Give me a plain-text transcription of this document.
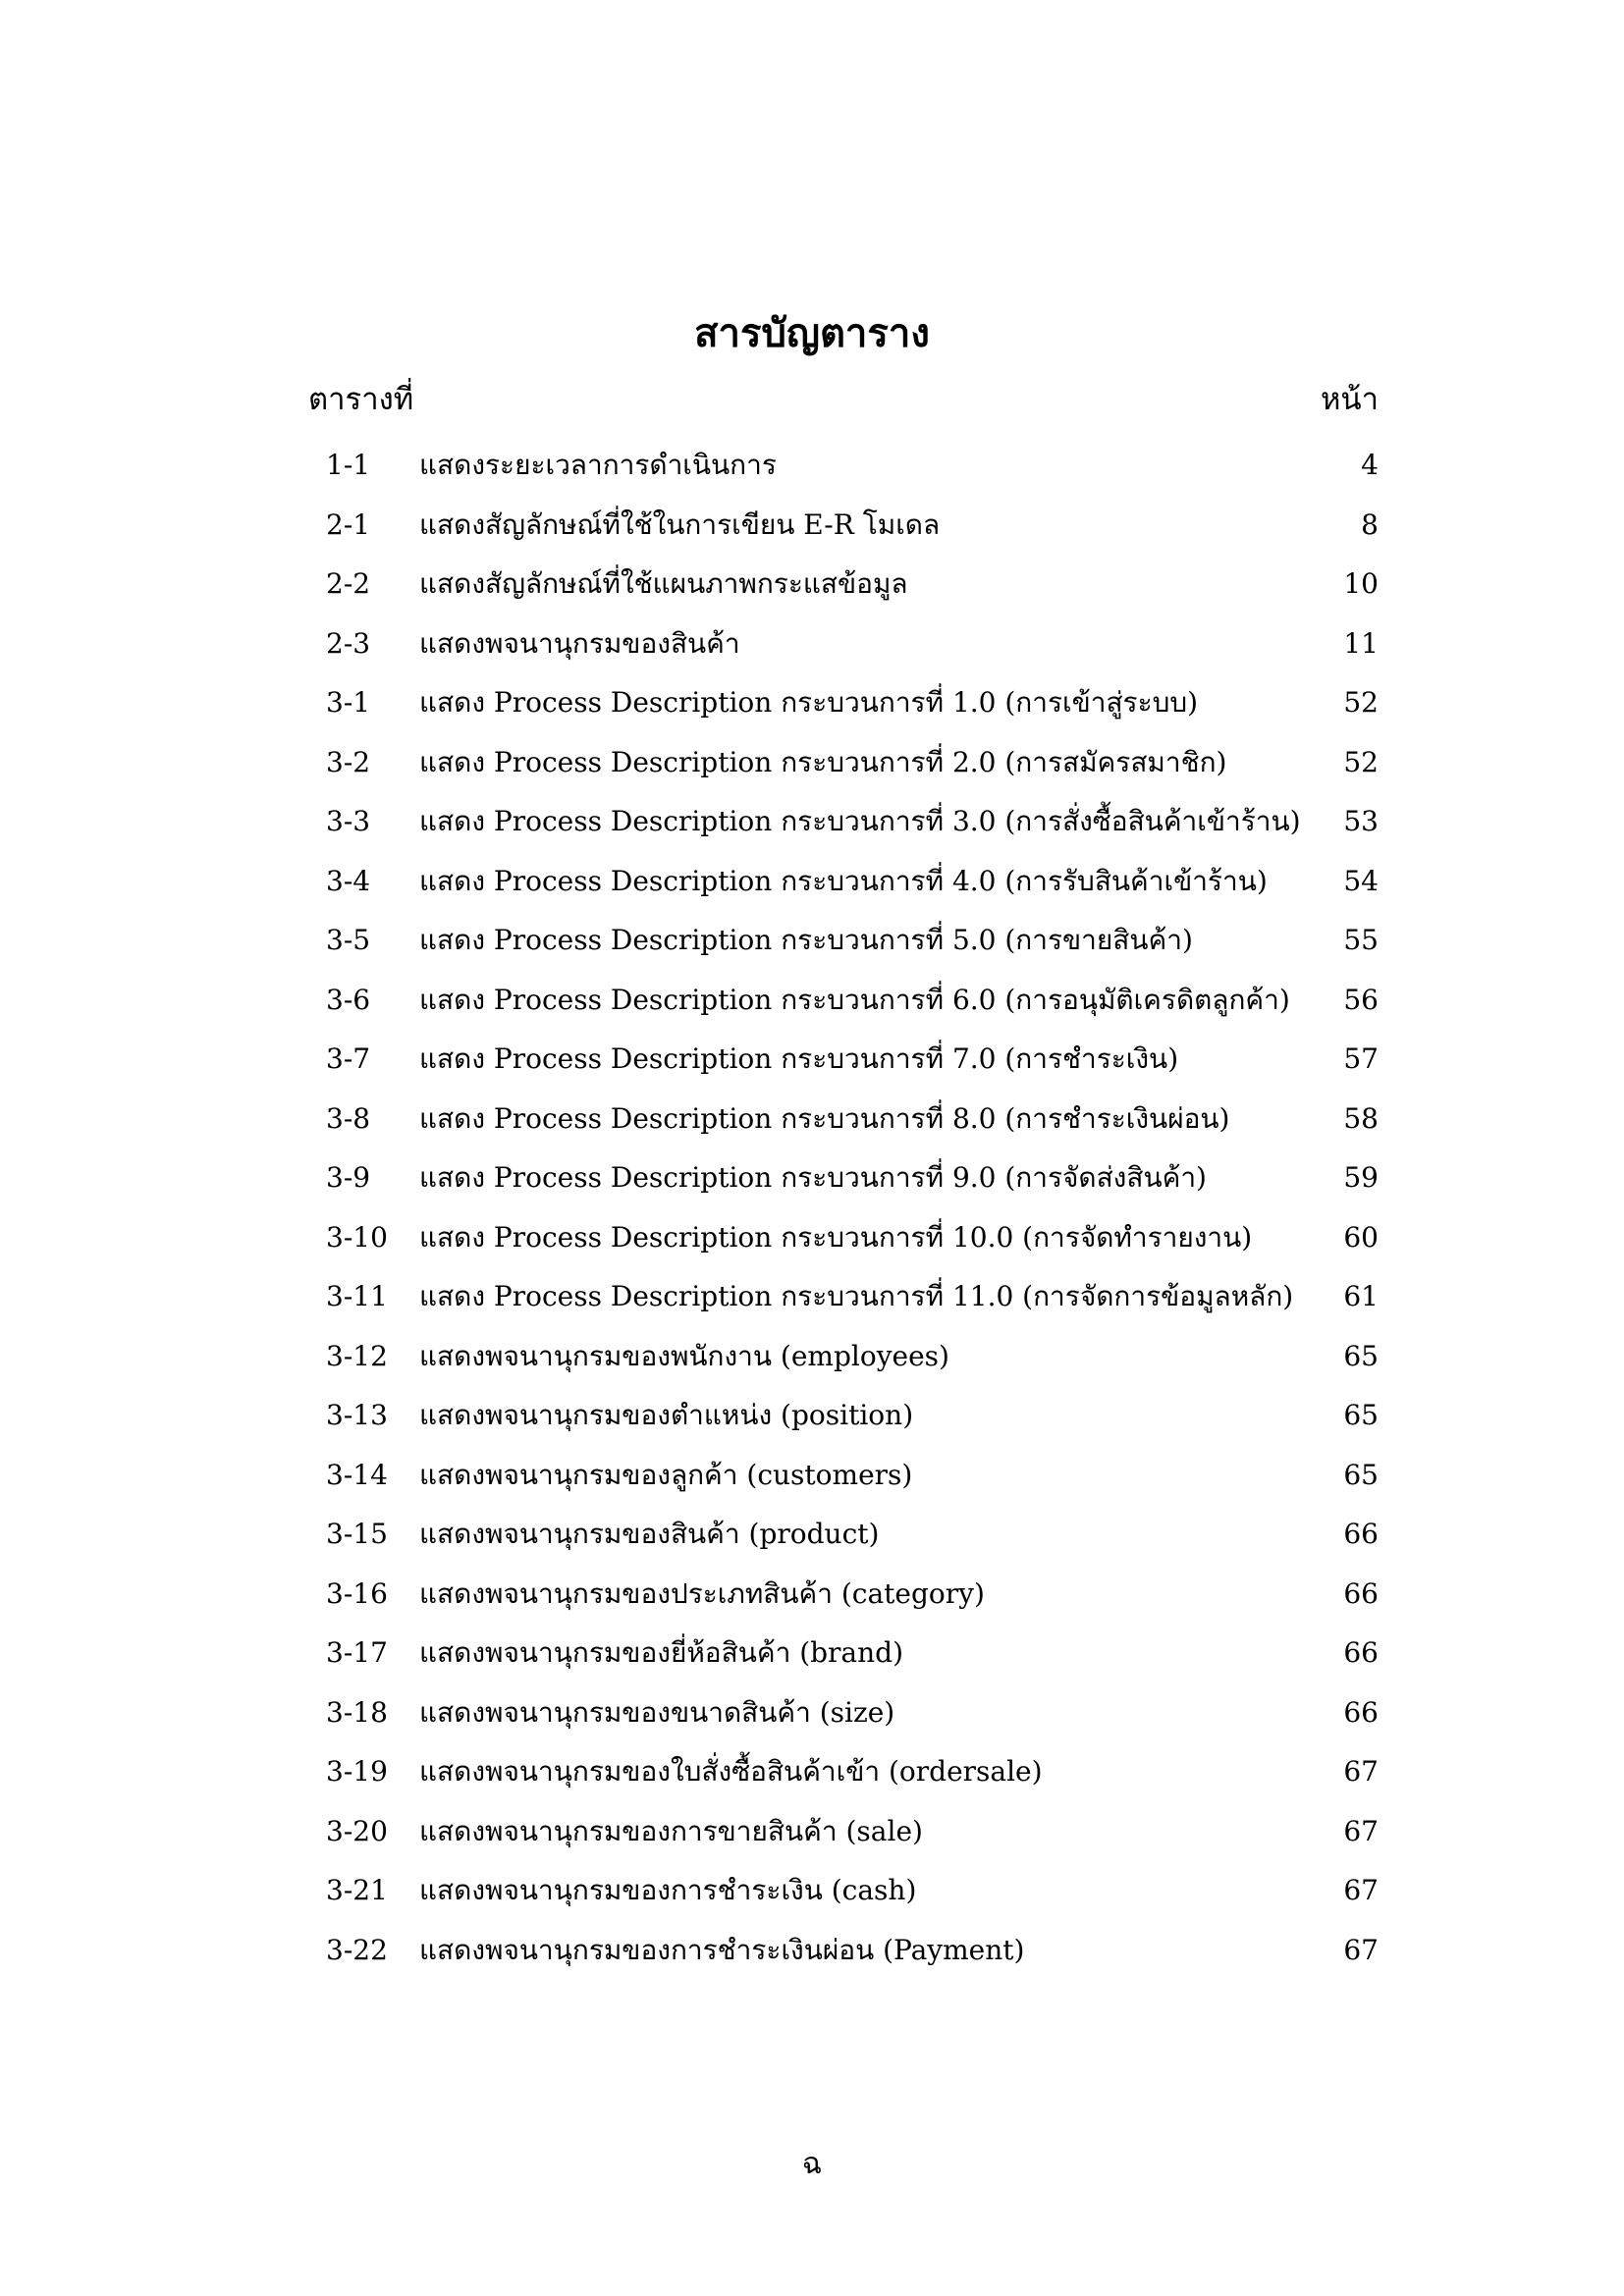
สารบัญตาราง
ตารางที่	หน้า
1-1 แสดงระยะเวลาการดำเนินการ	4
2-1 แสดงสัญลักษณ์ที่ใช้ในการเขียน E-R โมเดล	8
2-2 แสดงสัญลักษณ์ที่ใช้แผนภาพกระแสข้อมูล	10
2-3 แสดงพจนานุกรมของสินค้า	11
3-1 แสดง Process Description กระบวนการที่ 1.0 (การเข้าสู่ระบบ)	52
3-2 แสดง Process Description กระบวนการที่ 2.0 (การสมัครสมาชิก)	52
3-3 แสดง Process Description กระบวนการที่ 3.0 (การสั่งซื้อสินค้าเข้าร้าน) 53
3-4 แสดง Process Description กระบวนการที่ 4.0 (การรับสินค้าเข้าร้าน)	54
3-5 แสดง Process Description กระบวนการที่ 5.0 (การขายสินค้า)	55
3-6 แสดง Process Description กระบวนการที่ 6.0 (การอนุมัติเครดิตลูกค้า) 56
3-7 แสดง Process Description กระบวนการที่ 7.0 (การชำระเงิน)	57
3-8 แสดง Process Description กระบวนการที่ 8.0 (การชำระเงินผ่อน)	58
3-9 แสดง Process Description กระบวนการที่ 9.0 (การจัดส่งสินค้า)	59
3-10 แสดง Process Description กระบวนการที่ 10.0 (การจัดทำรายงาน)	60
3-11 แสดง Process Description กระบวนการที่ 11.0 (การจัดการข้อมูลหลัก) 61
3-12 แสดงพจนานุกรมของพนักงาน (employees)	65
3-13 แสดงพจนานุกรมของตำแหน่ง (position)	65
3-14 แสดงพจนานุกรมของลูกค้า (customers)	65
3-15 แสดงพจนานุกรมของสินค้า (product)	66
3-16 แสดงพจนานุกรมของประเภทสินค้า (category)	66
3-17 แสดงพจนานุกรมของยี่ห้อสินค้า (brand)	66
3-18 แสดงพจนานุกรมของขนาดสินค้า (size)	66
3-19 แสดงพจนานุกรมของใบสั่งซื้อสินค้าเข้า (ordersale)	67
3-20 แสดงพจนานุกรมของการขายสินค้า (sale)	67
3-21 แสดงพจนานุกรมของการชำระเงิน (cash)	67
3-22 แสดงพจนานุกรมของการชำระเงินผ่อน (Payment)	67
ฉ
